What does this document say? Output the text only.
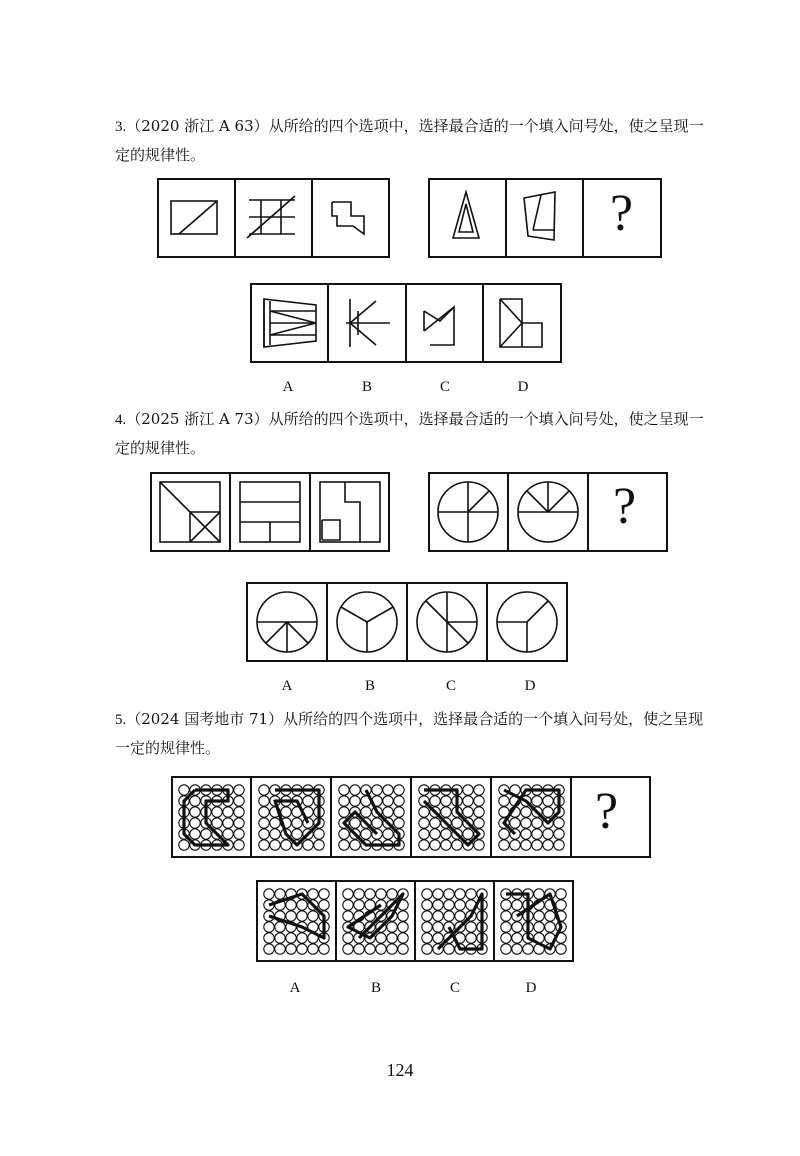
3.（2020 浙江 A 63）从所给的四个选项中，选择最合适的一个填入问号处，使之呈现一定的规律性。

?
A	B	C	D

4.（2025 浙江 A 73）从所给的四个选项中，选择最合适的一个填入问号处，使之呈现一定的规律性。

?
A	B	C	D

5.（2024 国考地市 71）从所给的四个选项中，选择最合适的一个填入问号处，使之呈现一定的规律性。

?
A	B	C	D
124
